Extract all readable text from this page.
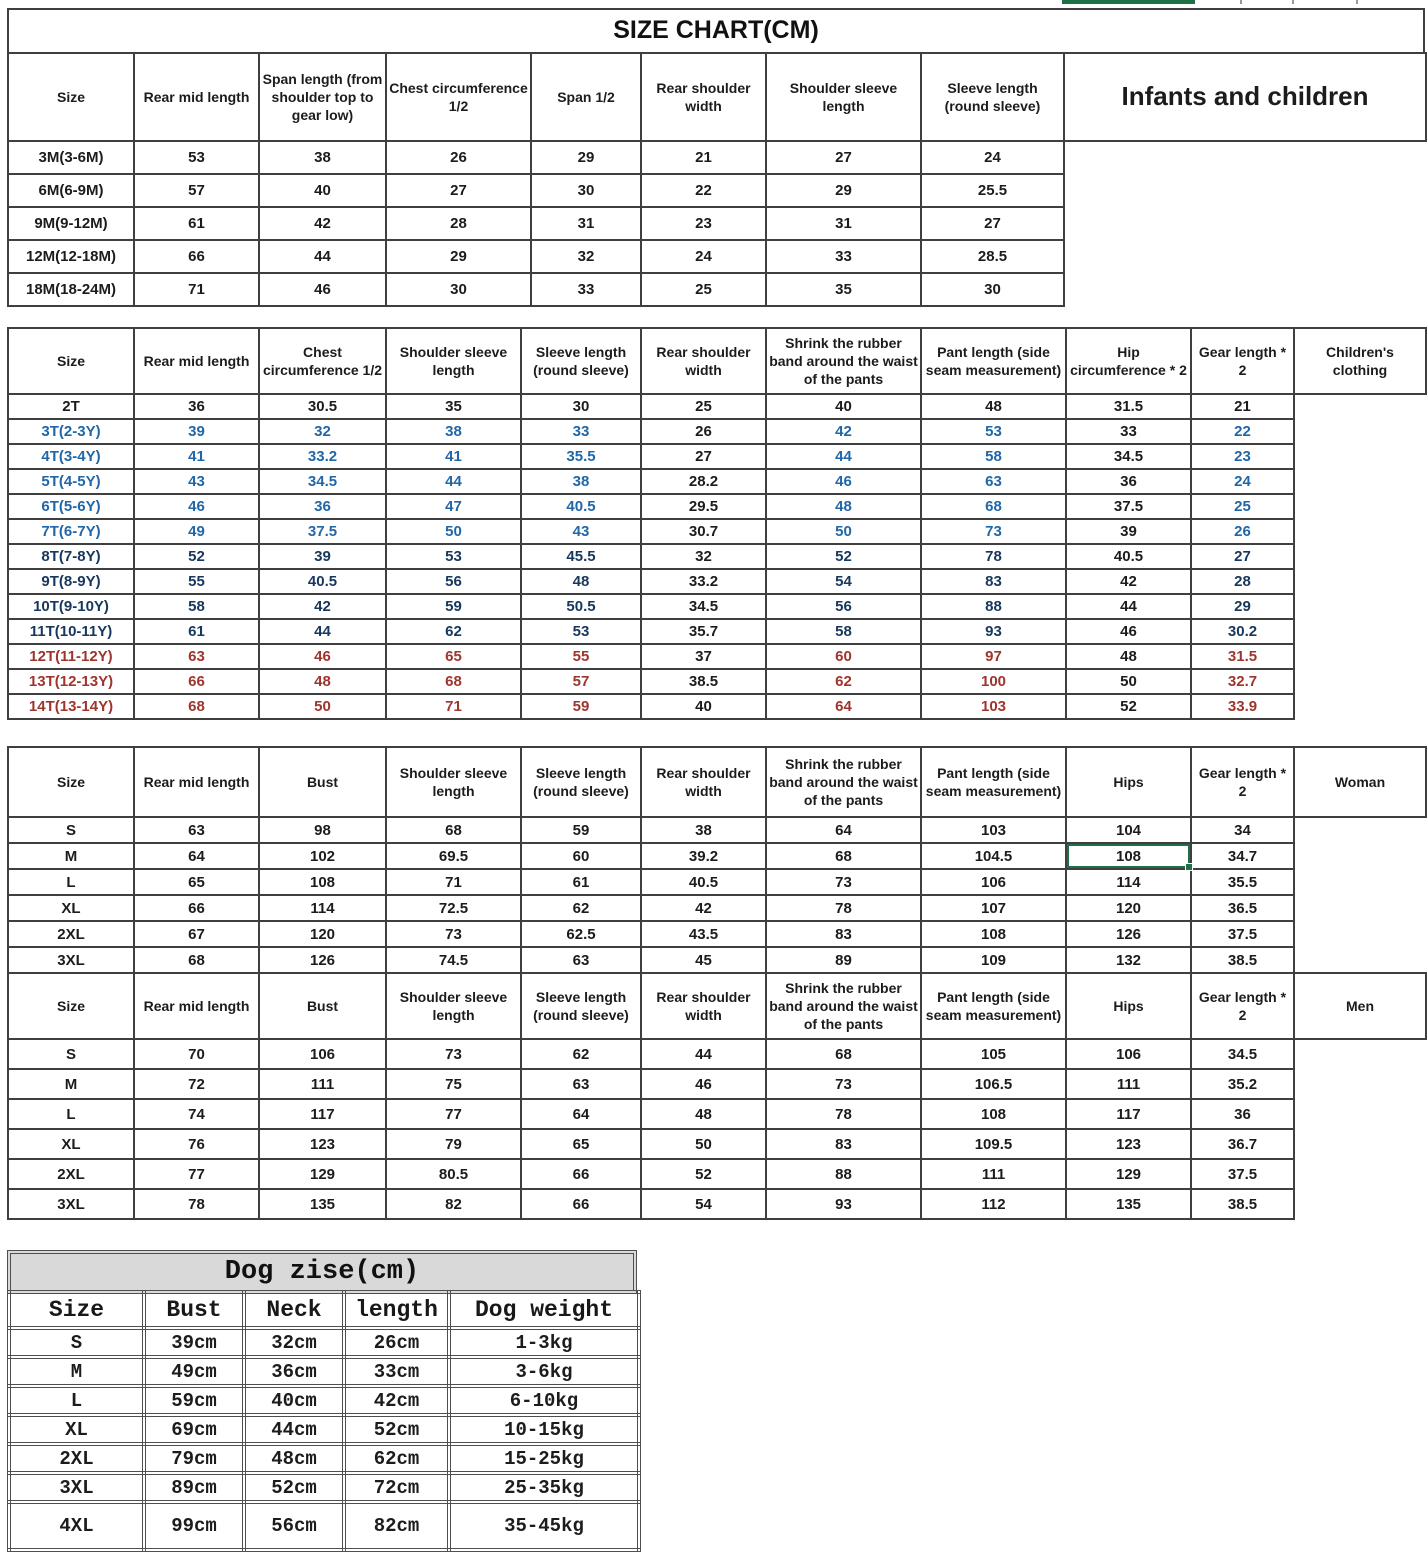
SIZE CHART(CM)
Size	Rear mid length	Span length (from shoulder top to gear low)	Chest circumference 1/2	Span 1/2	Rear shoulder width	Shoulder sleeve length	Sleeve length (round sleeve)	Infants and children
3M(3-6M)	53	38	26	29	21	27	24	
6M(6-9M)	57	40	27	30	22	29	25.5	
9M(9-12M)	61	42	28	31	23	31	27	
12M(12-18M)	66	44	29	32	24	33	28.5	
18M(18-24M)	71	46	30	33	25	35	30	
Size	Rear mid length	Chest circumference 1/2	Shoulder sleeve length	Sleeve length (round sleeve)	Rear shoulder width	Shrink the rubber band around the waist of the pants	Pant length (side seam measurement)	Hip circumference * 2	Gear length * 2	Children's clothing
2T	36	30.5	35	30	25	40	48	31.5	21	
3T(2-3Y)	39	32	38	33	26	42	53	33	22	
4T(3-4Y)	41	33.2	41	35.5	27	44	58	34.5	23	
5T(4-5Y)	43	34.5	44	38	28.2	46	63	36	24	
6T(5-6Y)	46	36	47	40.5	29.5	48	68	37.5	25	
7T(6-7Y)	49	37.5	50	43	30.7	50	73	39	26	
8T(7-8Y)	52	39	53	45.5	32	52	78	40.5	27	
9T(8-9Y)	55	40.5	56	48	33.2	54	83	42	28	
10T(9-10Y)	58	42	59	50.5	34.5	56	88	44	29	
11T(10-11Y)	61	44	62	53	35.7	58	93	46	30.2	
12T(11-12Y)	63	46	65	55	37	60	97	48	31.5	
13T(12-13Y)	66	48	68	57	38.5	62	100	50	32.7	
14T(13-14Y)	68	50	71	59	40	64	103	52	33.9	
Size	Rear mid length	Bust	Shoulder sleeve length	Sleeve length (round sleeve)	Rear shoulder width	Shrink the rubber band around the waist of the pants	Pant length (side seam measurement)	Hips	Gear length * 2	Woman
S	63	98	68	59	38	64	103	104	34	
M	64	102	69.5	60	39.2	68	104.5	108	34.7	
L	65	108	71	61	40.5	73	106	114	35.5	
XL	66	114	72.5	62	42	78	107	120	36.5	
2XL	67	120	73	62.5	43.5	83	108	126	37.5	
3XL	68	126	74.5	63	45	89	109	132	38.5	
Size	Rear mid length	Bust	Shoulder sleeve length	Sleeve length (round sleeve)	Rear shoulder width	Shrink the rubber band around the waist of the pants	Pant length (side seam measurement)	Hips	Gear length * 2	Men
S	70	106	73	62	44	68	105	106	34.5	
M	72	111	75	63	46	73	106.5	111	35.2	
L	74	117	77	64	48	78	108	117	36	
XL	76	123	79	65	50	83	109.5	123	36.7	
2XL	77	129	80.5	66	52	88	111	129	37.5	
3XL	78	135	82	66	54	93	112	135	38.5	
Dog zise(cm)
Size	Bust	Neck	length	Dog weight
S	39cm	32cm	26cm	1-3kg
M	49cm	36cm	33cm	3-6kg
L	59cm	40cm	42cm	6-10kg
XL	69cm	44cm	52cm	10-15kg
2XL	79cm	48cm	62cm	15-25kg
3XL	89cm	52cm	72cm	25-35kg
4XL	99cm	56cm	82cm	35-45kg
